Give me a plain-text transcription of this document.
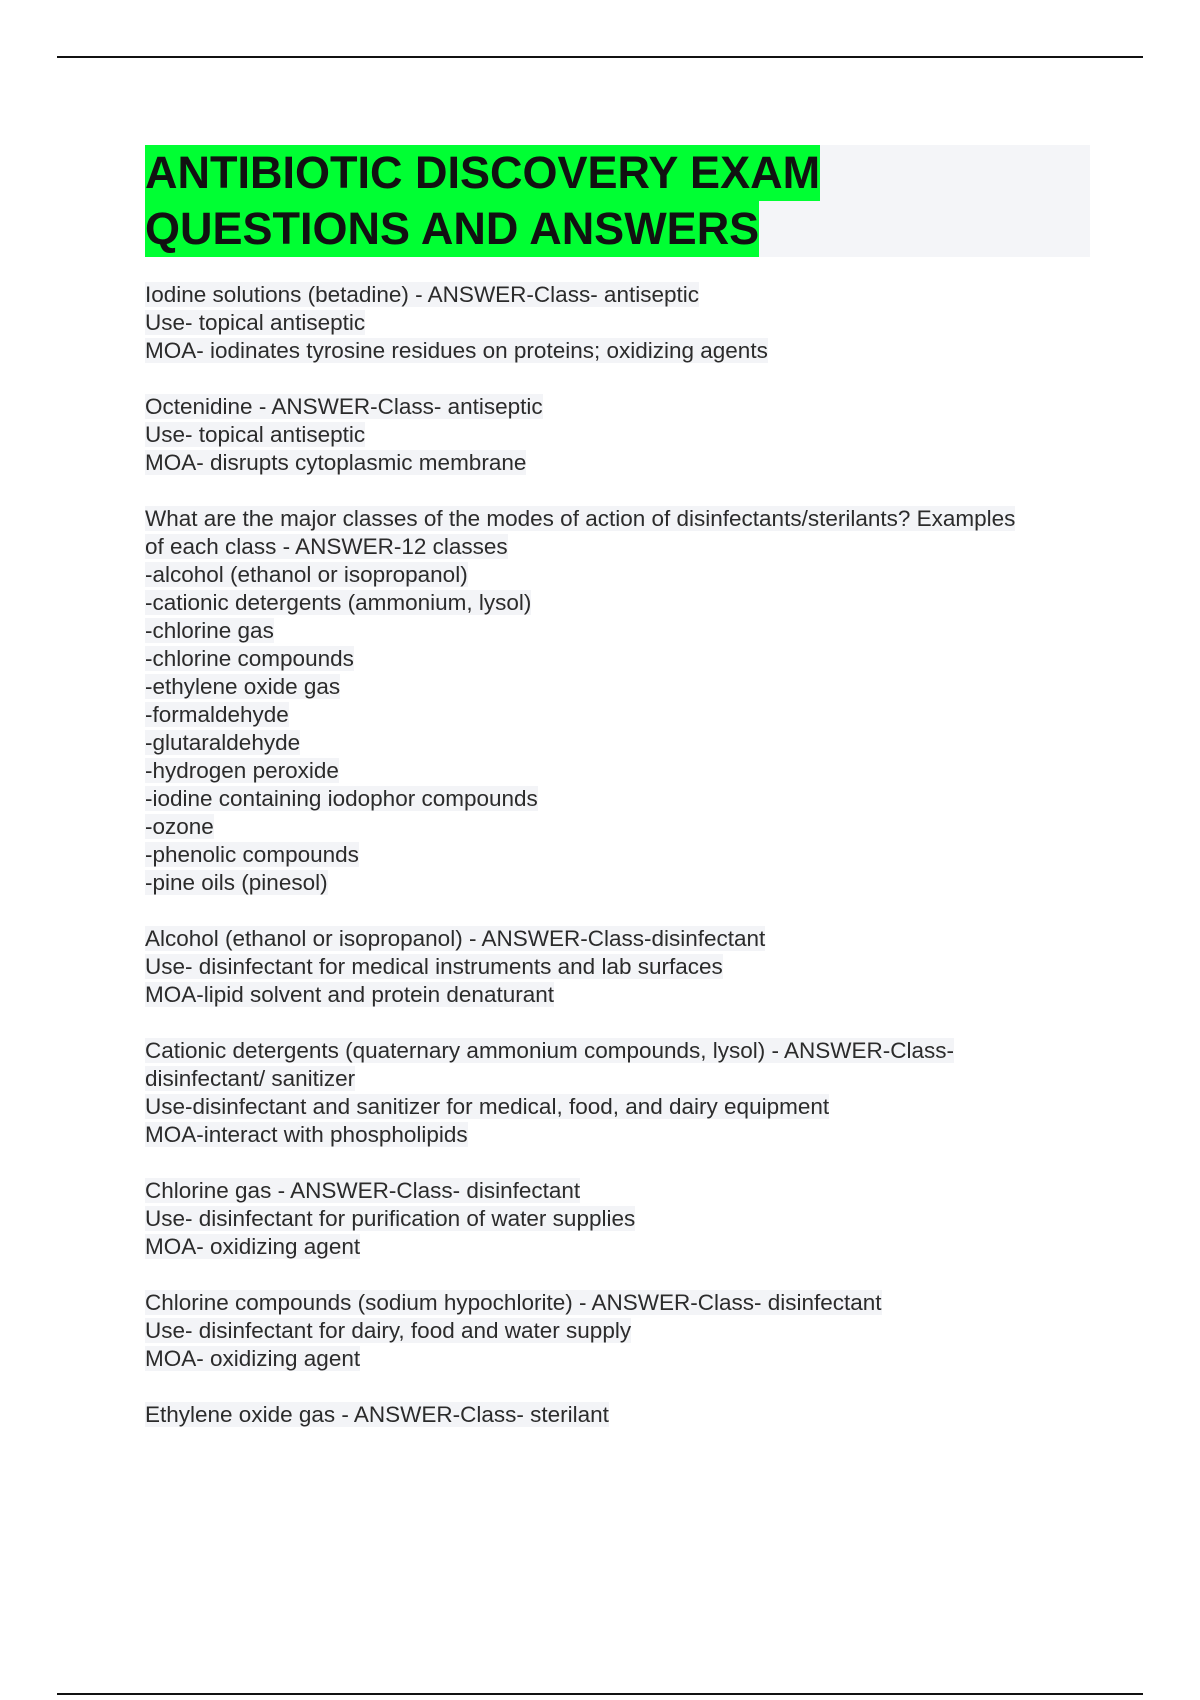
ANTIBIOTIC DISCOVERY EXAM
QUESTIONS AND ANSWERS
Iodine solutions (betadine) - ANSWER-Class- antiseptic
Use- topical antiseptic
MOA- iodinates tyrosine residues on proteins; oxidizing agents
Octenidine - ANSWER-Class- antiseptic
Use- topical antiseptic
MOA- disrupts cytoplasmic membrane
What are the major classes of the modes of action of disinfectants/sterilants? Examples
of each class - ANSWER-12 classes
-alcohol (ethanol or isopropanol)
-cationic detergents (ammonium, lysol)
-chlorine gas
-chlorine compounds
-ethylene oxide gas
-formaldehyde
-glutaraldehyde
-hydrogen peroxide
-iodine containing iodophor compounds
-ozone
-phenolic compounds
-pine oils (pinesol)
Alcohol (ethanol or isopropanol) - ANSWER-Class-disinfectant
Use- disinfectant for medical instruments and lab surfaces
MOA-lipid solvent and protein denaturant
Cationic detergents (quaternary ammonium compounds, lysol) - ANSWER-Class-
disinfectant/ sanitizer
Use-disinfectant and sanitizer for medical, food, and dairy equipment
MOA-interact with phospholipids
Chlorine gas - ANSWER-Class- disinfectant
Use- disinfectant for purification of water supplies
MOA- oxidizing agent
Chlorine compounds (sodium hypochlorite) - ANSWER-Class- disinfectant
Use- disinfectant for dairy, food and water supply
MOA- oxidizing agent
Ethylene oxide gas - ANSWER-Class- sterilant
